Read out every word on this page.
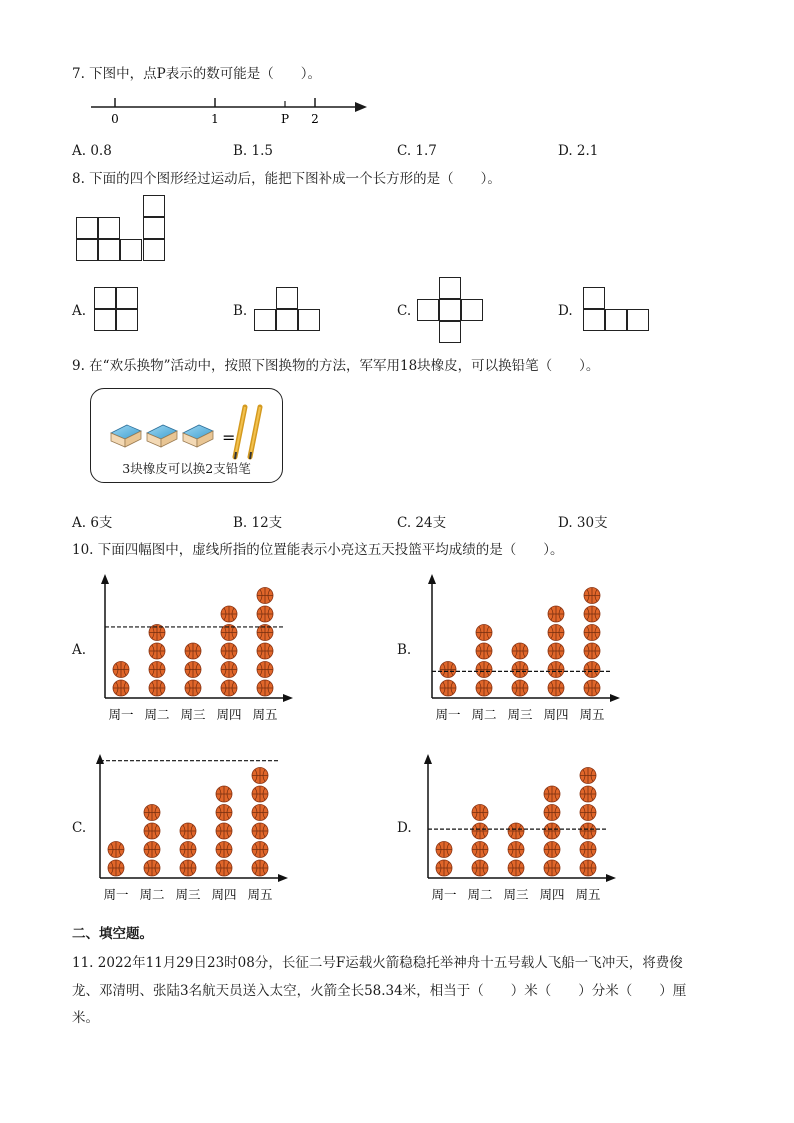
7. 下图中，点P表示的数可能是（　　）。
0	1	P 2
A. 0.8	B. 1.5	C. 1.7	D. 2.1
8. 下面的四个图形经过运动后，能把下图补成一个长方形的是（　　）。
A.	B.	C.	D.
9. 在“欢乐换物”活动中，按照下图换物的方法，军军用18块橡皮，可以换铅笔（　　）。
=
3块橡皮可以换2支铅笔
A. 6支	B. 12支	C. 24支	D. 30支
10. 下面四幅图中，虚线所指的位置能表示小亮这五天投篮平均成绩的是（　　）。
A.
周一 周二 周三 周四 周五
B.
周一 周二 周三 周四 周五
C.
周一 周二 周三 周四 周五
D.
周一 周二 周三 周四 周五
二、填空题。
11. 2022年11月29日23时08分，长征二号F运载火箭稳稳托举神舟十五号载人飞船一飞冲天，将费俊
龙、邓清明、张陆3名航天员送入太空，火箭全长58.34米，相当于（　　）米（　　）分米（　　）厘
米。
